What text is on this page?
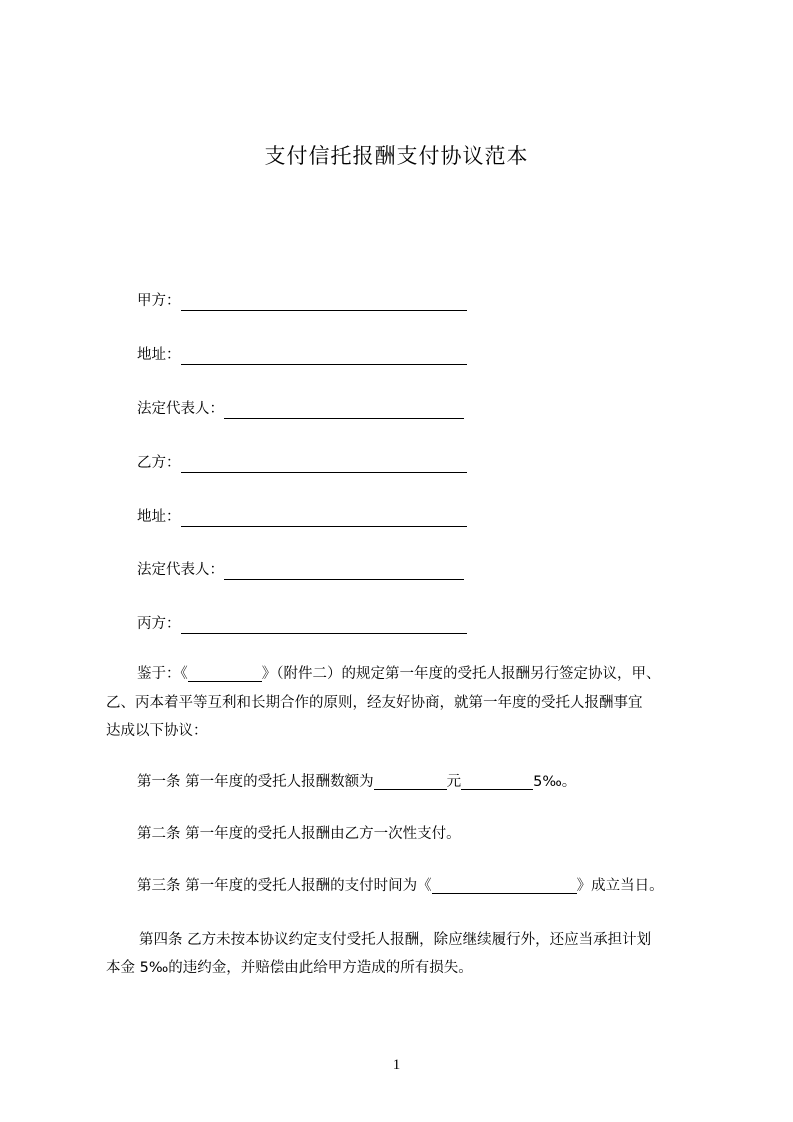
支付信托报酬支付协议范本
甲方：
地址：
法定代表人：
乙方：
地址：
法定代表人：
丙方：
鉴于：《	》（附件二）的规定第一年度的受托人报酬另行签定协议，甲、
乙、丙本着平等互利和长期合作的原则，经友好协商，就第一年度的受托人报酬事宜
达成以下协议：
第一条 第一年度的受托人报酬数额为	元	5‰。
第二条 第一年度的受托人报酬由乙方一次性支付。
第三条 第一年度的受托人报酬的支付时间为《	》成立当日。
第四条 乙方未按本协议约定支付受托人报酬，除应继续履行外，还应当承担计划
本金 5‰的违约金，并赔偿由此给甲方造成的所有损失。
1
